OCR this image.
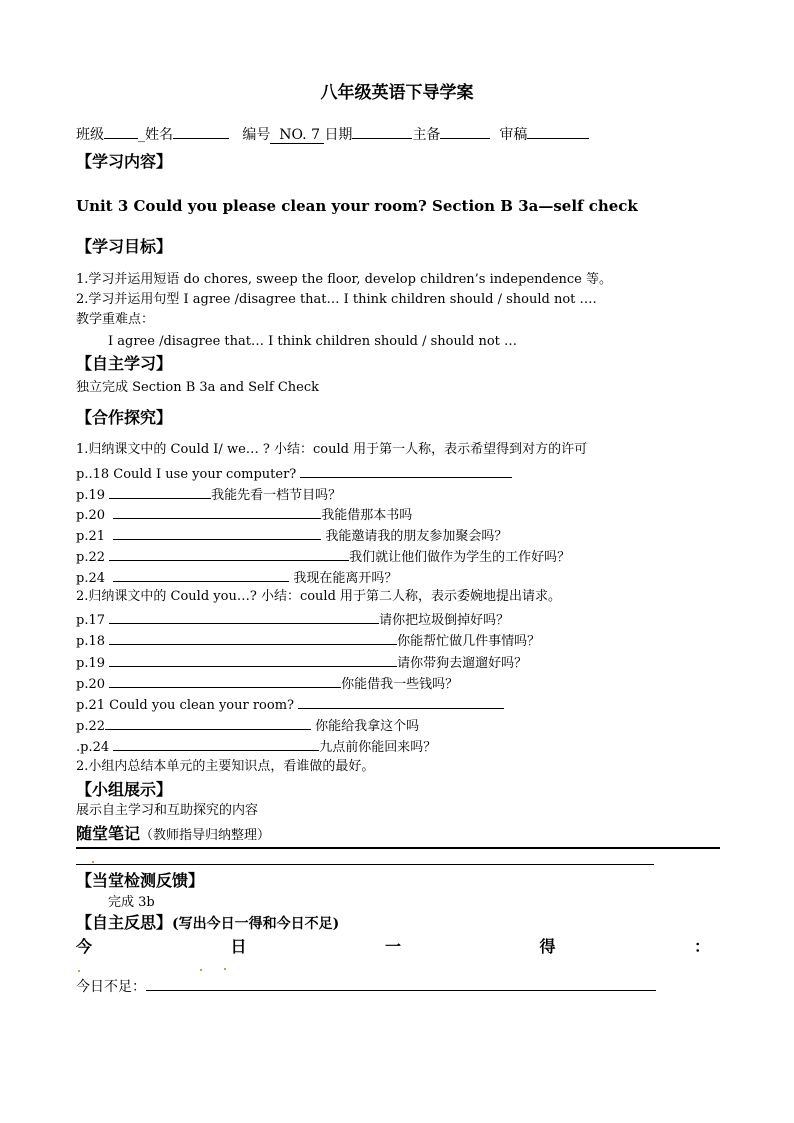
八年级英语下导学案
班级 _姓名	编号 NO. 7 日期	主备	审稿
【学习内容】
Unit 3 Could you please clean your room? Section B 3a—self check
【学习目标】
1.学习并运用短语 do chores, sweep the floor, develop children’s independence 等。
2.学习并运用句型 I agree /disagree that… I think children should / should not ….
教学重难点：
I agree /disagree that… I think children should / should not …
【自主学习】
独立完成 Section B 3a and Self Check
【合作探究】
1.归纳课文中的 Could I/ we… ? 小结：could 用于第一人称，表示希望得到对方的许可
p..18 Could I use your computer?
p.19	我能先看一档节目吗？
p.20	我能借那本书吗
p.21	我能邀请我的朋友参加聚会吗？
p.22	我们就让他们做作为学生的工作好吗？
p.24	我现在能离开吗？
2.归纳课文中的 Could you…? 小结：could 用于第二人称，表示委婉地提出请求。
p.17	请你把垃圾倒掉好吗？
p.18	你能帮忙做几件事情吗？
p.19	请你带狗去遛遛好吗？
p.20	你能借我一些钱吗？
p.21 Could you clean your room?
p.22	你能给我拿这个吗
.p.24	九点前你能回来吗？
2.小组内总结本单元的主要知识点，看谁做的最好。
【小组展示】
展示自主学习和互助探究的内容
随堂笔记（教师指导归纳整理）
【当堂检测反馈】
完成 3b
【自主反思】(写出今日一得和今日不足)
今	日	一	得	：
今日不足：
